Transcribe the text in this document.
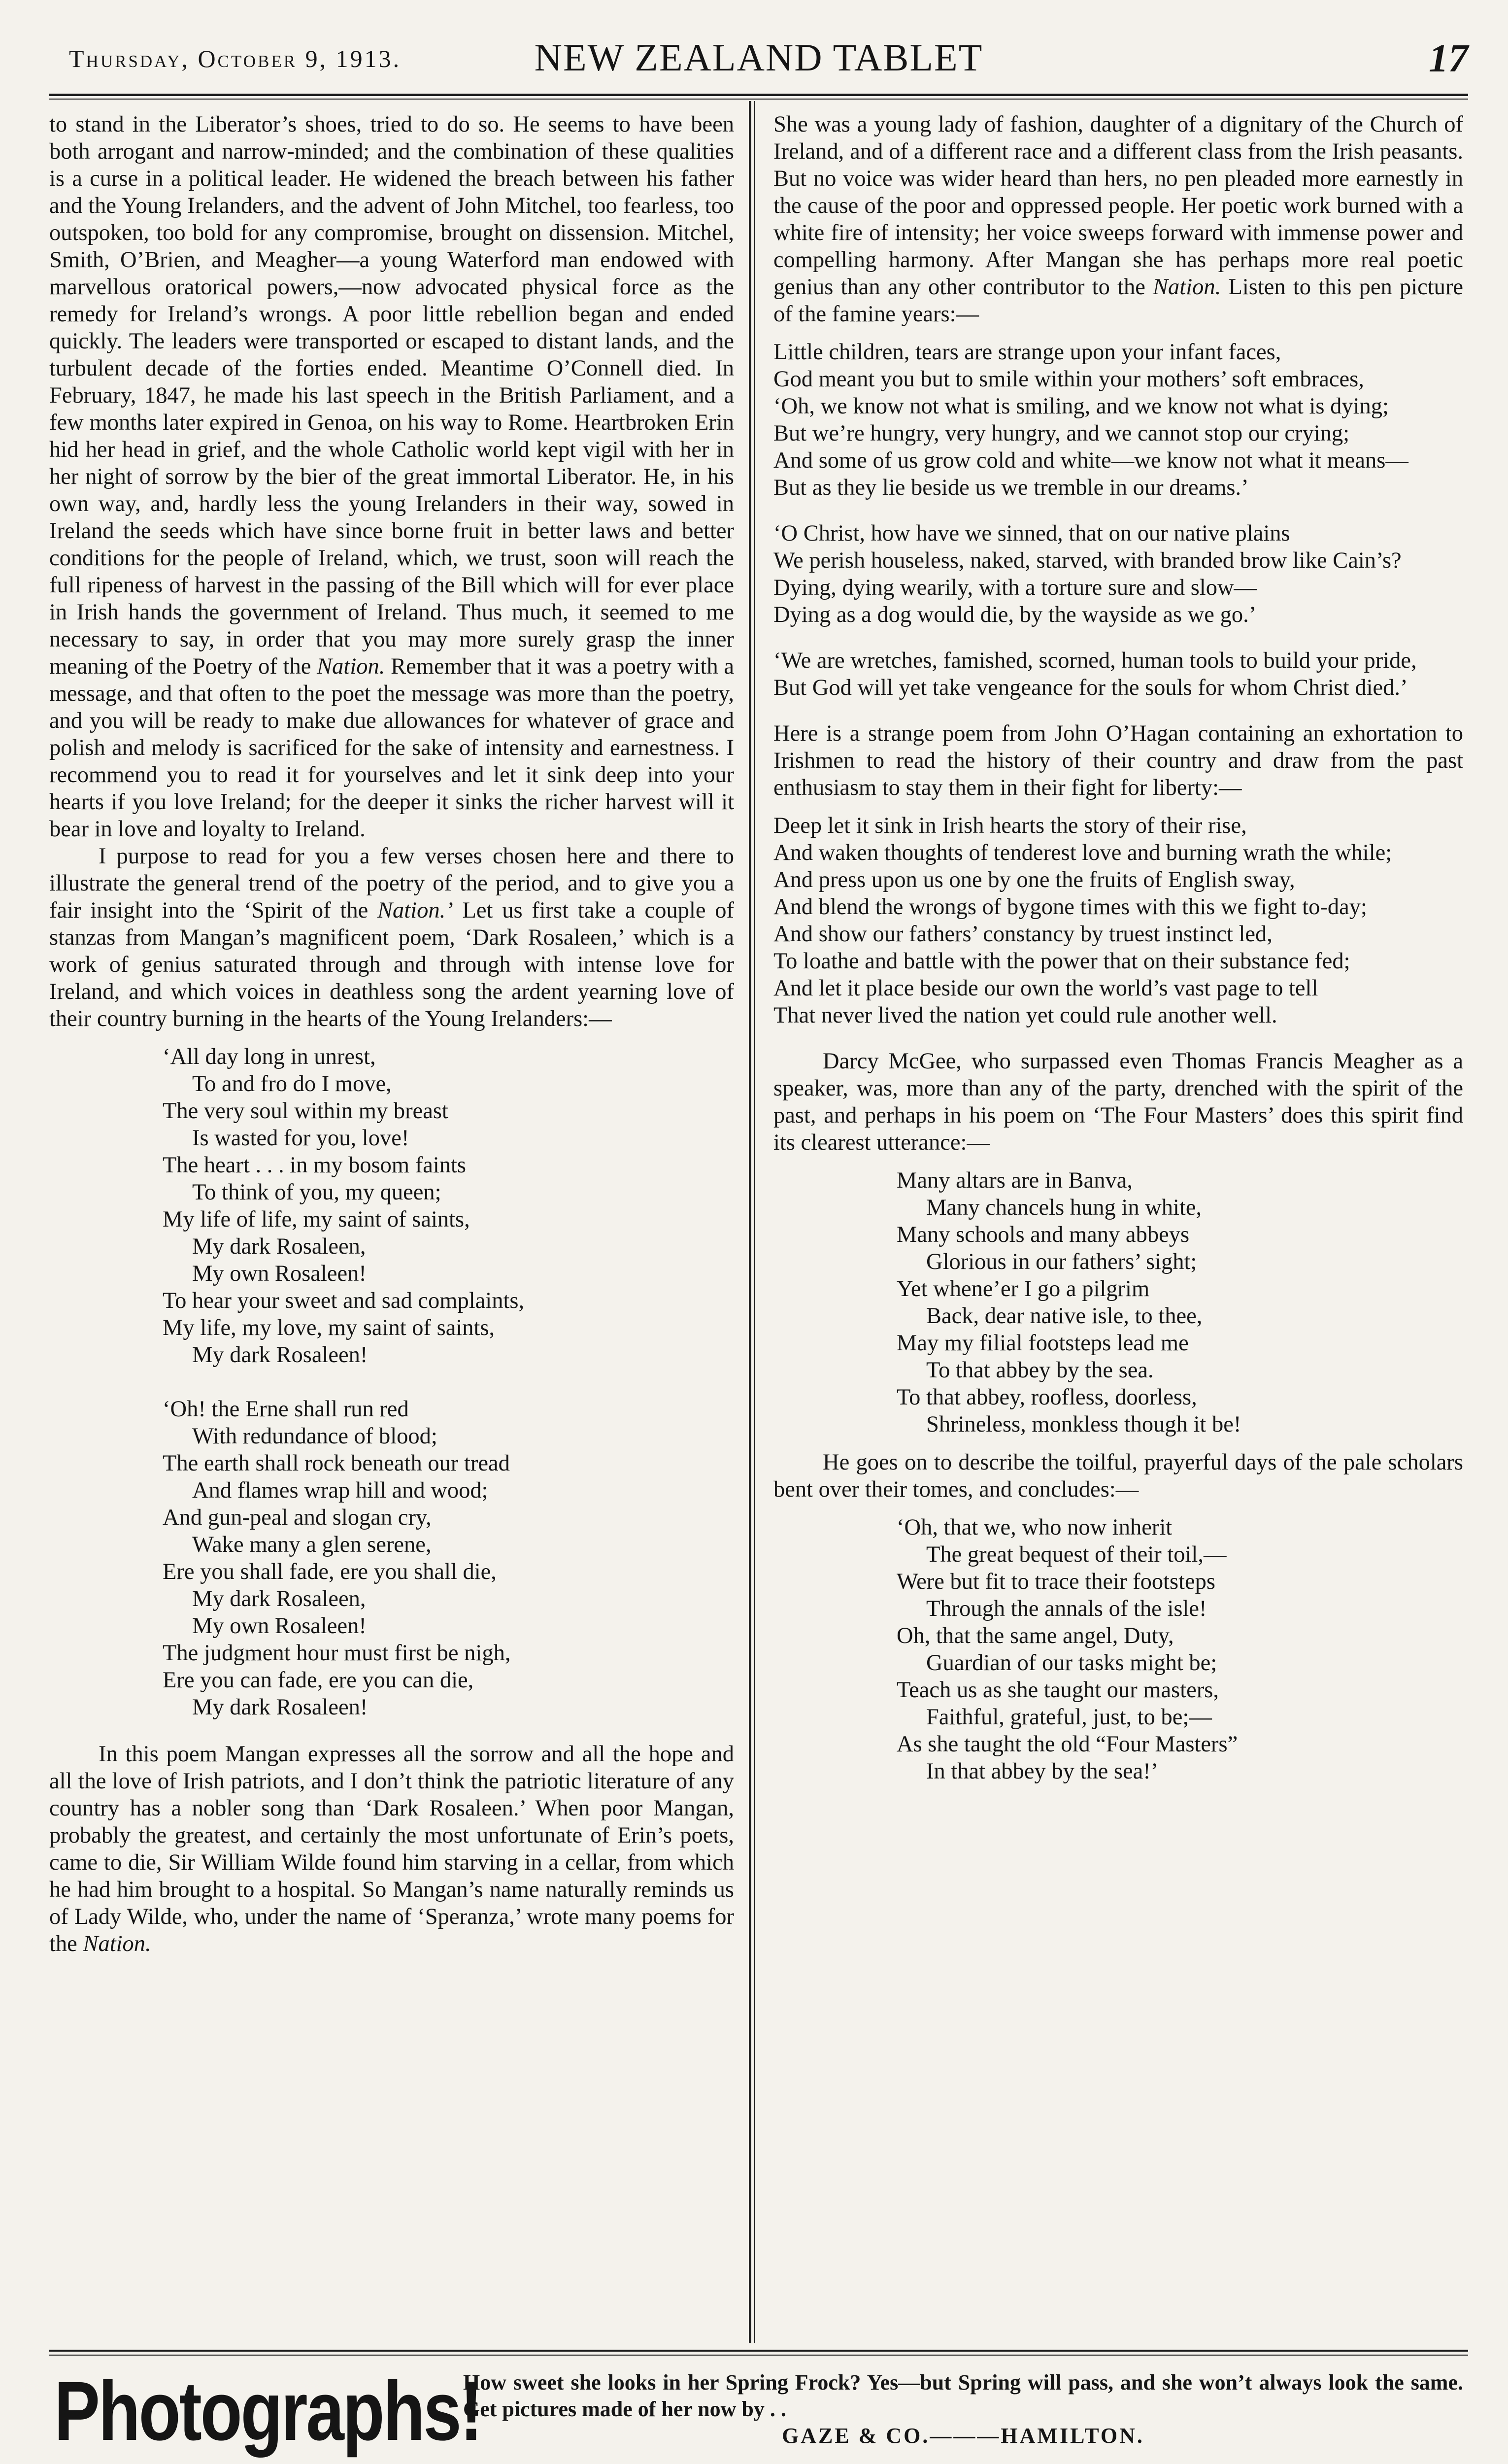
Thursday, October 9, 1913.	NEW ZEALAND TABLET	17

to stand in the Liberator’s shoes, tried to do so. He seems to have been both arrogant and narrow-minded; and the combination of these qualities is a curse in a political leader. He widened the breach between his father and the Young Irelanders, and the advent of John Mitchel, too fearless, too outspoken, too bold for any compromise, brought on dissension. Mitchel, Smith, O’Brien, and Meagher—a young Waterford man endowed with marvellous oratorical powers,—now advocated physical force as the remedy for Ireland’s wrongs. A poor little rebellion began and ended quickly. The leaders were transported or escaped to distant lands, and the turbulent decade of the forties ended. Meantime O’Connell died. In February, 1847, he made his last speech in the British Parliament, and a few months later expired in Genoa, on his way to Rome. Heartbroken Erin hid her head in grief, and the whole Catholic world kept vigil with her in her night of sorrow by the bier of the great immortal Liberator. He, in his own way, and, hardly less the young Irelanders in their way, sowed in Ireland the seeds which have since borne fruit in better laws and better conditions for the people of Ireland, which, we trust, soon will reach the full ripeness of harvest in the passing of the Bill which will for ever place in Irish hands the government of Ireland. Thus much, it seemed to me necessary to say, in order that you may more surely grasp the inner meaning of the Poetry of the Nation. Remember that it was a poetry with a message, and that often to the poet the message was more than the poetry, and you will be ready to make due allowances for whatever of grace and polish and melody is sacrificed for the sake of intensity and earnestness. I recommend you to read it for yourselves and let it sink deep into your hearts if you love Ireland; for the deeper it sinks the richer harvest will it bear in love and loyalty to Ireland.

I purpose to read for you a few verses chosen here and there to illustrate the general trend of the poetry of the period, and to give you a fair insight into the ‘Spirit of the Nation.’ Let us first take a couple of stanzas from Mangan’s magnificent poem, ‘Dark Rosaleen,’ which is a work of genius saturated through and through with intense love for Ireland, and which voices in deathless song the ardent yearning love of their country burning in the hearts of the Young Irelanders:—

‘All day long in unrest,
To and fro do I move,
The very soul within my breast
Is wasted for you, love!
The heart . . . in my bosom faints
To think of you, my queen;
My life of life, my saint of saints,
My dark Rosaleen,
My own Rosaleen!
To hear your sweet and sad complaints,
My life, my love, my saint of saints,
My dark Rosaleen!
‘Oh! the Erne shall run red
With redundance of blood;
The earth shall rock beneath our tread
And flames wrap hill and wood;
And gun-peal and slogan cry,
Wake many a glen serene,
Ere you shall fade, ere you shall die,
My dark Rosaleen,
My own Rosaleen!
The judgment hour must first be nigh,
Ere you can fade, ere you can die,
My dark Rosaleen!

In this poem Mangan expresses all the sorrow and all the hope and all the love of Irish patriots, and I don’t think the patriotic literature of any country has a nobler song than ‘Dark Rosaleen.’ When poor Mangan, probably the greatest, and certainly the most unfortunate of Erin’s poets, came to die, Sir William Wilde found him starving in a cellar, from which he had him brought to a hospital. So Mangan’s name naturally reminds us of Lady Wilde, who, under the name of ‘Speranza,’ wrote many poems for the Nation.

She was a young lady of fashion, daughter of a dignitary of the Church of Ireland, and of a different race and a different class from the Irish peasants. But no voice was wider heard than hers, no pen pleaded more earnestly in the cause of the poor and oppressed people. Her poetic work burned with a white fire of intensity; her voice sweeps forward with immense power and compelling harmony. After Mangan she has perhaps more real poetic genius than any other contributor to the Nation. Listen to this pen picture of the famine years:—

Little children, tears are strange upon your infant faces,
God meant you but to smile within your mothers’ soft embraces,
‘Oh, we know not what is smiling, and we know not what is dying;
But we’re hungry, very hungry, and we cannot stop our crying;
And some of us grow cold and white—we know not what it means—
But as they lie beside us we tremble in our dreams.’
‘O Christ, how have we sinned, that on our native plains
We perish houseless, naked, starved, with branded brow like Cain’s?
Dying, dying wearily, with a torture sure and slow—
Dying as a dog would die, by the wayside as we go.’
‘We are wretches, famished, scorned, human tools to build your pride,
But God will yet take vengeance for the souls for whom Christ died.’

Here is a strange poem from John O’Hagan containing an exhortation to Irishmen to read the history of their country and draw from the past enthusiasm to stay them in their fight for liberty:—

Deep let it sink in Irish hearts the story of their rise,
And waken thoughts of tenderest love and burning wrath the while;
And press upon us one by one the fruits of English sway,
And blend the wrongs of bygone times with this we fight to-day;
And show our fathers’ constancy by truest instinct led,
To loathe and battle with the power that on their substance fed;
And let it place beside our own the world’s vast page to tell
That never lived the nation yet could rule another well.

Darcy McGee, who surpassed even Thomas Francis Meagher as a speaker, was, more than any of the party, drenched with the spirit of the past, and perhaps in his poem on ‘The Four Masters’ does this spirit find its clearest utterance:—

Many altars are in Banva,
Many chancels hung in white,
Many schools and many abbeys
Glorious in our fathers’ sight;
Yet whene’er I go a pilgrim
Back, dear native isle, to thee,
May my filial footsteps lead me
To that abbey by the sea.
To that abbey, roofless, doorless,
Shrineless, monkless though it be!

He goes on to describe the toilful, prayerful days of the pale scholars bent over their tomes, and concludes:—

‘Oh, that we, who now inherit
The great bequest of their toil,—
Were but fit to trace their footsteps
Through the annals of the isle!
Oh, that the same angel, Duty,
Guardian of our tasks might be;
Teach us as she taught our masters,
Faithful, grateful, just, to be;—
As she taught the old “Four Masters”
In that abbey by the sea!’
Photographs!
How sweet she looks in her Spring Frock? Yes—but Spring will pass, and she won’t always look the same. Get pictures made of her now by . .
GAZE & CO.———HAMILTON.
